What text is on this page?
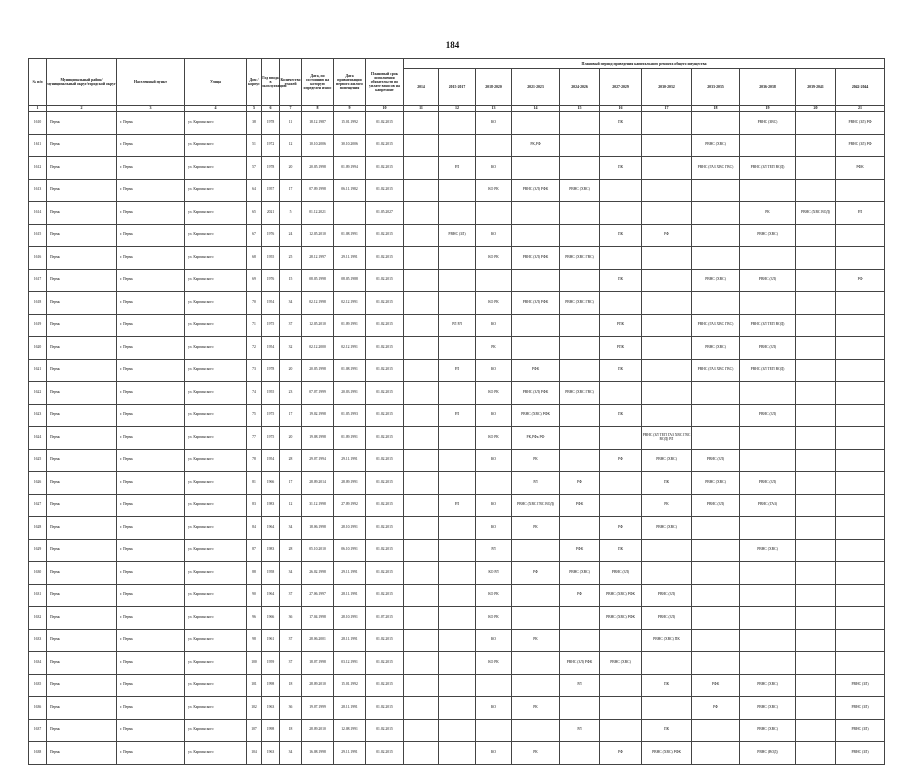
184
№ п/п	Муниципальный район/ муниципальный округ/городской округ	Населенный пункт	Улица	Дом / корпус	Год ввода в эксплуатацию	Количество этажей	Дата, по состоянию на которую определен износ	Дата приватизации первого жилого помещения	Плановый срок исполнения обязательств по уплате взносов на капремонт	Плановый период проведения капитального ремонта общего имущества										
										2014	2015-2017	2018-2020	2021-2023	2024-2026	2027-2029	2030-2032	2033-2035	2036-2038	2039-2041	2042-2044
1	2	3	4	5	6	7	8	9	10	11	12	13	14	15	16	17	18	19	20	21
1610	Пермь	г. Пермь	ул. Карпинского	38	1978	11	18.12.1987	15.01.1992	01.02.2015			КО			ПК			РВНС (ЗВС)		РВНС (ЗЛ) РФ
1611	Пермь	г. Пермь	ул. Карпинского	51	1972	12	10.10.2006	30.10.2006	01.02.2015				РК,РФ				РВНС (ХВС)			РВНС (ЗЛ) РФ
1612	Пермь	г. Пермь	ул. Карпинского	57	1978	20	20.05.1998	01.09.1994	01.02.2015		РЛ	КО			ПК		РВНС (ГАЗ ХВС ГВС)	РВНС (ЗЛ ТЕП ВОД)		РФК
1613	Пермь	г. Пермь	ул. Карпинского	64	1957	17	07.09.1998	06.11.1982	01.02.2015			КО РК	РВНС (ЗЛ) РФК	РВНС (ХВС)						
1614	Пермь	г. Пермь	ул. Карпинского	65	2021	5	01.12.2021		01.05.2027									РК	РВНС (ХВС ВОД)	РЛ
1615	Пермь	г. Пермь	ул. Карпинского	67	1976	24	12.05.2010	01.08.1991	01.02.2015		РВНС (ЗЛ)	КО			ПК	РФ		РВНС (ХВС)		
1616	Пермь	г. Пермь	ул. Карпинского	68	1955	25	28.12.1997	29.11.1991	01.02.2015			КО РК	РВНС (ЗЛ) РФК	РВНС (ХВС ГВС)						
1617	Пермь	г. Пермь	ул. Карпинского	69	1976	15	08.05.1998	08.05.1988	01.02.2015						ПК		РВНС (ХВС)	РВНС (ЗЛ)		РФ
1618	Пермь	г. Пермь	ул. Карпинского	70	1954	34	02.12.1998	02.12.1991	01.02.2015			КО РК	РВНС (ЗЛ) РФК	РВНС (ХВС ГВС)						
1619	Пермь	г. Пермь	ул. Карпинского	71	1975	37	12.05.2010	01.09.1991	01.02.2015		РЛ РЛ	КО			РПК		РВНС (ГАЗ ХВС ГВС)	РВНС (ЗЛ ТЕП ВОД)		
1620	Пермь	г. Пермь	ул. Карпинского	72	1954	32	02.12.2000	02.12.1991	01.02.2015			РК			РПК		РВНС (ХВС)	РВНС (ЗЛ)		
1621	Пермь	г. Пермь	ул. Карпинского	73	1978	20	20.05.1998	01.08.1991	01.02.2015		РЛ	КО	РФК		ПК		РВНС (ГАЗ ХВС ГВС)	РВНС (ЗЛ ТЕП ВОД)		
1622	Пермь	г. Пермь	ул. Карпинского	74	1955	23	07.07.1999	20.03.1991	01.02.2015			КО РК	РВНС (ЗЛ) РФК	РВНС (ХВС ГВС)						
1623	Пермь	г. Пермь	ул. Карпинского	75	1975	17	19.02.1998	01.05.1993	01.02.2015		РЛ	КО	РВНС (ХВС) РФК		ПК			РВНС (ЗЛ)		
1624	Пермь	г. Пермь	ул. Карпинского	77	1975	20	19.08.1998	01.09.1991	01.02.2015			КО РК	РК,РФк РФ			РВНС (ЗЛ ТЕП ГАЗ ХВС ГВС ВОД) РЛ				
1625	Пермь	г. Пермь	ул. Карпинского	78	1954	28	29.07.1994	29.11.1991	01.02.2015			КО	РК		РФ	РВНС (ХВС)	РВНС (ЗЛ)			
1626	Пермь	г. Пермь	ул. Карпинского	81	1966	17	28.09.2014	28.09.1991	01.02.2015				РЛ	РФ		ПК	РВНС (ХВС)	РВНС (ЗЛ)		
1627	Пермь	г. Пермь	ул. Карпинского	83	1983	12	31.12.1998	27.09.1992	01.02.2015		РЛ	КО	РВНС (ХВС ГВС ВОД)	РФК		РК	РВНС (ЗЛ)	РВНС (ГАЗ)		
1628	Пермь	г. Пермь	ул. Карпинского	84	1964	34	18.06.1998	28.10.1991	01.02.2015			КО	РК		РФ	РВНС (ХВС)				
1629	Пермь	г. Пермь	ул. Карпинского	87	1983	28	05.10.2010	06.10.1991	01.02.2015			РЛ		РФК	ПК			РВНС (ХВС)		
1630	Пермь	г. Пермь	ул. Карпинского	88	1958	34	26.02.1998	29.11.1991	01.02.2015			КО РЛ	РФ	РВНС (ХВС)	РВНС (ЗЛ)					
1631	Пермь	г. Пермь	ул. Карпинского	90	1964	37	27.06.1997	28.11.1991	01.02.2015			КО РК		РФ	РВНС (ХВС) РФК	РВНС (ЗЛ)				
1632	Пермь	г. Пермь	ул. Карпинского	96	1966	36	17.04.1998	28.10.1991	01.07.2015			КО РК			РВНС (ХВС) РФК	РВНС (ЗЛ)				
1633	Пермь	г. Пермь	ул. Карпинского	98	1961	37	28.06.2001	28.11.1991	01.02.2015			КО	РК			РВНС (ХВС) ПК				
1634	Пермь	г. Пермь	ул. Карпинского	100	1959	37	18.07.1998	03.12.1991	01.02.2015			КО РК		РВНС (ЗЛ) РФК	РВНС (ХВС)					
1635	Пермь	г. Пермь	ул. Карпинского	101	1998	18	28.09.2010	15.01.1992	01.02.2015					РЛ		ПК	РФК	РВНС (ХВС)		РВНС (ЗЛ)
1636	Пермь	г. Пермь	ул. Карпинского	102	1963	36	19.07.1999	28.11.1991	01.02.2015			КО	РК				РФ	РВНС (ХВС)		РВНС (ЗЛ)
1637	Пермь	г. Пермь	ул. Карпинского	107	1998	18	28.09.2010	12.08.1991	01.02.2015					РЛ		ПК		РВНС (ХВС)		РВНС (ЗЛ)
1638	Пермь	г. Пермь	ул. Карпинского	104	1963	34	16.08.1998	29.11.1991	01.02.2015			КО	РК		РФ	РВНС (ХВС) РФК		РВНС (ВОД)		РВНС (ЗЛ)
